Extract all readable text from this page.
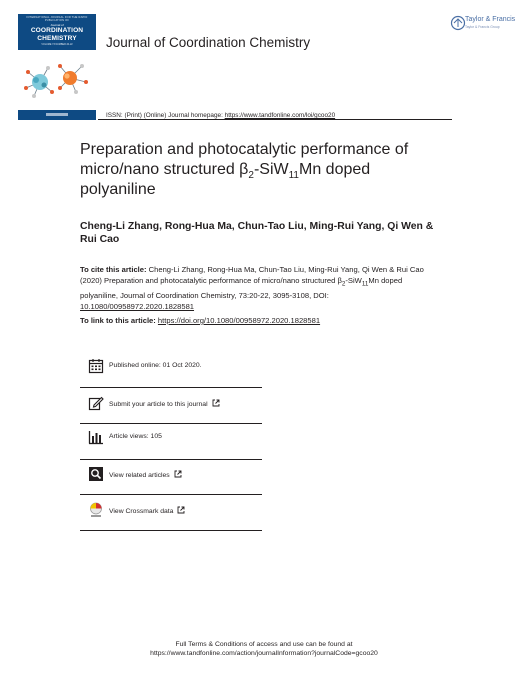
INTERNATIONAL JOURNAL FOR THE RAPID PUBLICATION OF
Journal of
COORDINATION
CHEMISTRY
VOLUME 73 NUMBER 20-22	Journal of Coordination Chemistry
Taylor & Francis
Taylor & Francis Group
ISSN: (Print) (Online) Journal homepage: https://www.tandfonline.com/loi/gcoo20
Preparation and photocatalytic performance of micro/nano structured $\beta_2-SiW_{11}Mn$ doped polyaniline
Cheng-Li Zhang, Rong-Hua Ma, Chun-Tao Liu, Ming-Rui Yang, Qi Wen & Rui Cao
To cite this article: Cheng-Li Zhang, Rong-Hua Ma, Chun-Tao Liu, Ming-Rui Yang, Qi Wen & Rui Cao (2020) Preparation and photocatalytic performance of micro/nano structured $\beta_2-SiW_{11}Mn$ doped polyaniline, Journal of Coordination Chemistry, 73:20-22, 3095-3108, DOI: 10.1080/00958972.2020.1828581
To link to this article: https://doi.org/10.1080/00958972.2020.1828581
Published online: 01 Oct 2020.
Submit your article to this journal
Article views: 105
View related articles
View Crossmark data
Full Terms & Conditions of access and use can be found at
https://www.tandfonline.com/action/journalInformation?journalCode=gcoo20
